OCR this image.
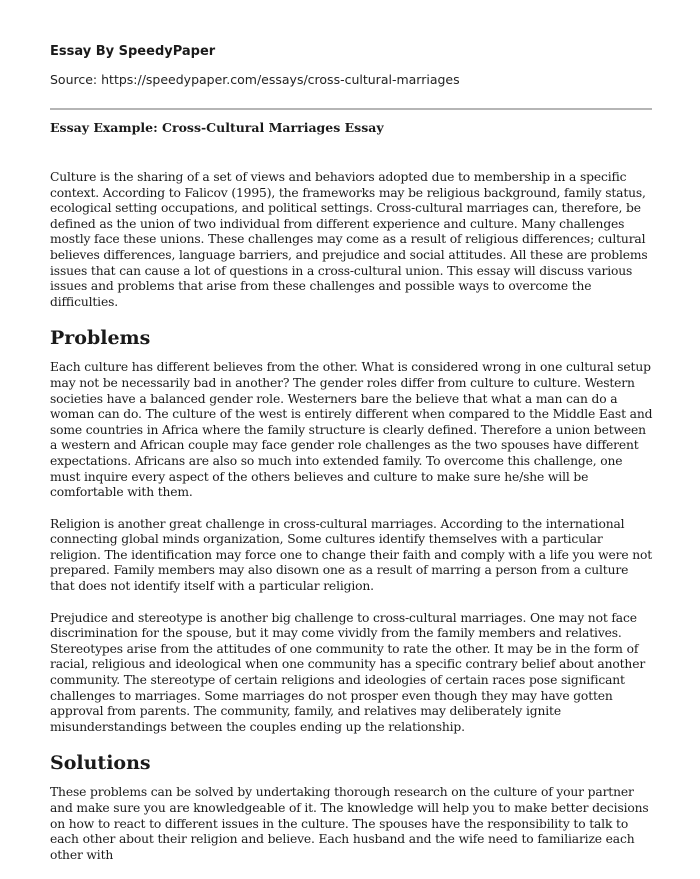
Essay By SpeedyPaper

Source: https://speedypaper.com/essays/cross-cultural-marriages

Essay Example: Cross-Cultural Marriages Essay

Culture is the sharing of a set of views and behaviors adopted due to membership in a specific context. According to Falicov (1995), the frameworks may be religious background, family status, ecological setting occupations, and political settings. Cross-cultural marriages can, therefore, be defined as the union of two individual from different experience and culture. Many challenges mostly face these unions. These challenges may come as a result of religious differences; cultural believes differences, language barriers, and prejudice and social attitudes. All these are problems issues that can cause a lot of questions in a cross-cultural union. This essay will discuss various issues and problems that arise from these challenges and possible ways to overcome the difficulties.

Problems

Each culture has different believes from the other. What is considered wrong in one cultural setup may not be necessarily bad in another? The gender roles differ from culture to culture. Western societies have a balanced gender role. Westerners bare the believe that what a man can do a woman can do. The culture of the west is entirely different when compared to the Middle East and some countries in Africa where the family structure is clearly defined. Therefore a union between a western and African couple may face gender role challenges as the two spouses have different expectations. Africans are also so much into extended family. To overcome this challenge, one must inquire every aspect of the others believes and culture to make sure he/she will be comfortable with them.

Religion is another great challenge in cross-cultural marriages. According to the international connecting global minds organization, Some cultures identify themselves with a particular religion. The identification may force one to change their faith and comply with a life you were not prepared. Family members may also disown one as a result of marring a person from a culture that does not identify itself with a particular religion.

Prejudice and stereotype is another big challenge to cross-cultural marriages. One may not face discrimination for the spouse, but it may come vividly from the family members and relatives. Stereotypes arise from the attitudes of one community to rate the other. It may be in the form of racial, religious and ideological when one community has a specific contrary belief about another community. The stereotype of certain religions and ideologies of certain races pose significant challenges to marriages. Some marriages do not prosper even though they may have gotten approval from parents. The community, family, and relatives may deliberately ignite misunderstandings between the couples ending up the relationship.

Solutions

These problems can be solved by undertaking thorough research on the culture of your partner and make sure you are knowledgeable of it. The knowledge will help you to make better decisions on how to react to different issues in the culture. The spouses have the responsibility to talk to each other about their religion and believe. Each husband and the wife need to familiarize each other with
